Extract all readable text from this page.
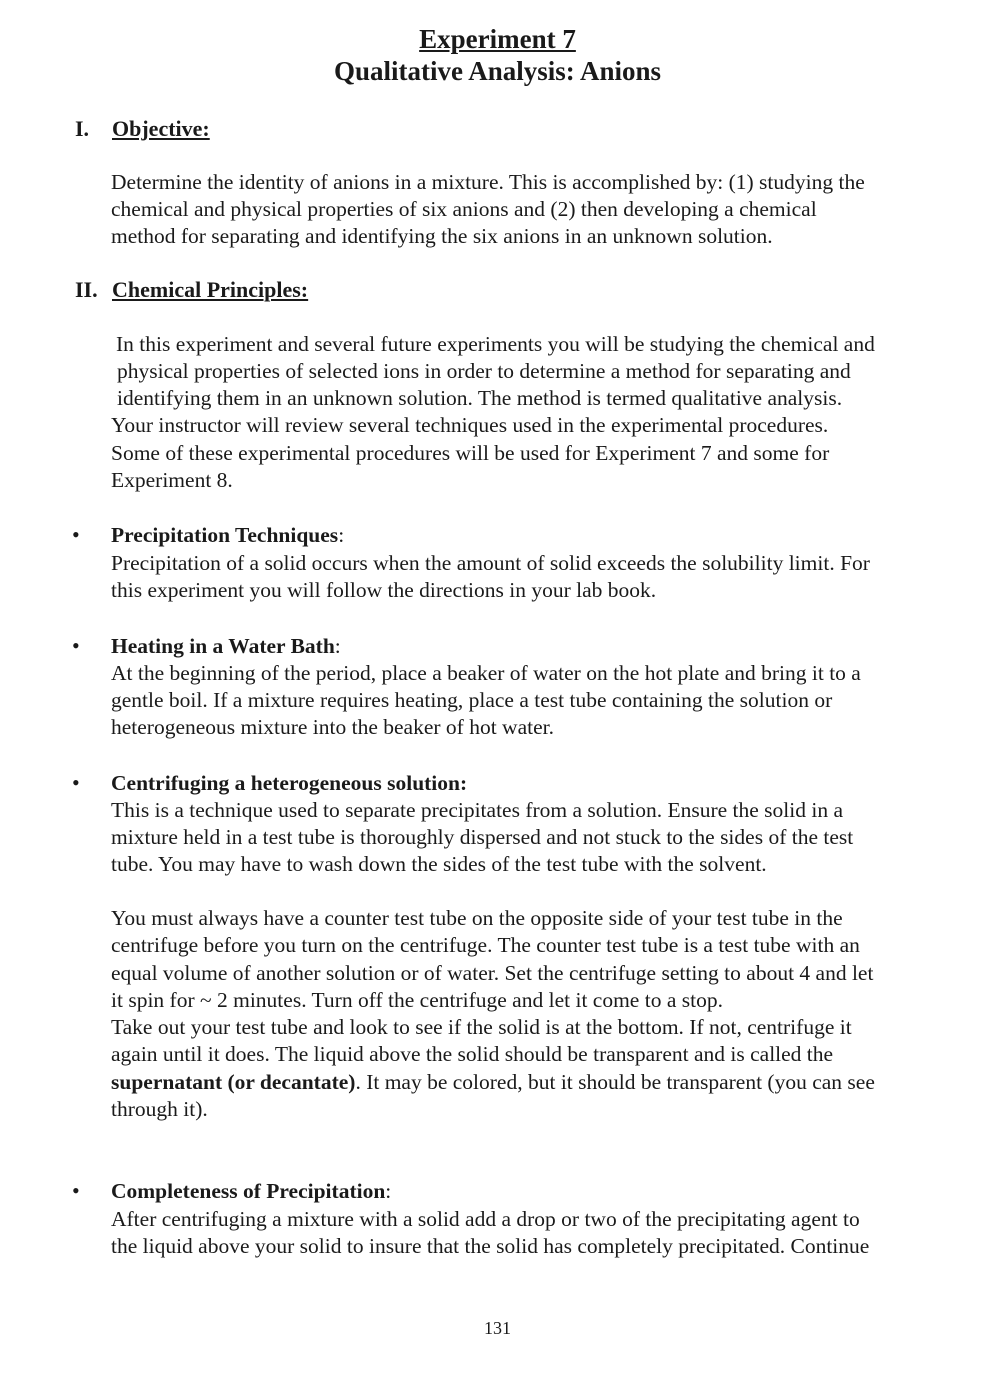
Experiment 7

Qualitative Analysis: Anions

I. Objective:

Determine the identity of anions in a mixture. This is accomplished by: (1) studying the

chemical and physical properties of six anions and (2) then developing a chemical

method for separating and identifying the six anions in an unknown solution.

II. Chemical Principles:

In this experiment and several future experiments you will be studying the chemical and

physical properties of selected ions in order to determine a method for separating and

identifying them in an unknown solution. The method is termed qualitative analysis.

Your instructor will review several techniques used in the experimental procedures.

Some of these experimental procedures will be used for Experiment 7 and some for

Experiment 8.

• Precipitation Techniques:

Precipitation of a solid occurs when the amount of solid exceeds the solubility limit. For

this experiment you will follow the directions in your lab book.

• Heating in a Water Bath:

At the beginning of the period, place a beaker of water on the hot plate and bring it to a

gentle boil. If a mixture requires heating, place a test tube containing the solution or

heterogeneous mixture into the beaker of hot water.

• Centrifuging a heterogeneous solution:

This is a technique used to separate precipitates from a solution. Ensure the solid in a

mixture held in a test tube is thoroughly dispersed and not stuck to the sides of the test

tube. You may have to wash down the sides of the test tube with the solvent.

You must always have a counter test tube on the opposite side of your test tube in the

centrifuge before you turn on the centrifuge. The counter test tube is a test tube with an

equal volume of another solution or of water. Set the centrifuge setting to about 4 and let

it spin for ~ 2 minutes. Turn off the centrifuge and let it come to a stop.

Take out your test tube and look to see if the solid is at the bottom. If not, centrifuge it

again until it does. The liquid above the solid should be transparent and is called the

supernatant (or decantate). It may be colored, but it should be transparent (you can see

through it).

• Completeness of Precipitation:

After centrifuging a mixture with a solid add a drop or two of the precipitating agent to

the liquid above your solid to insure that the solid has completely precipitated. Continue

131
